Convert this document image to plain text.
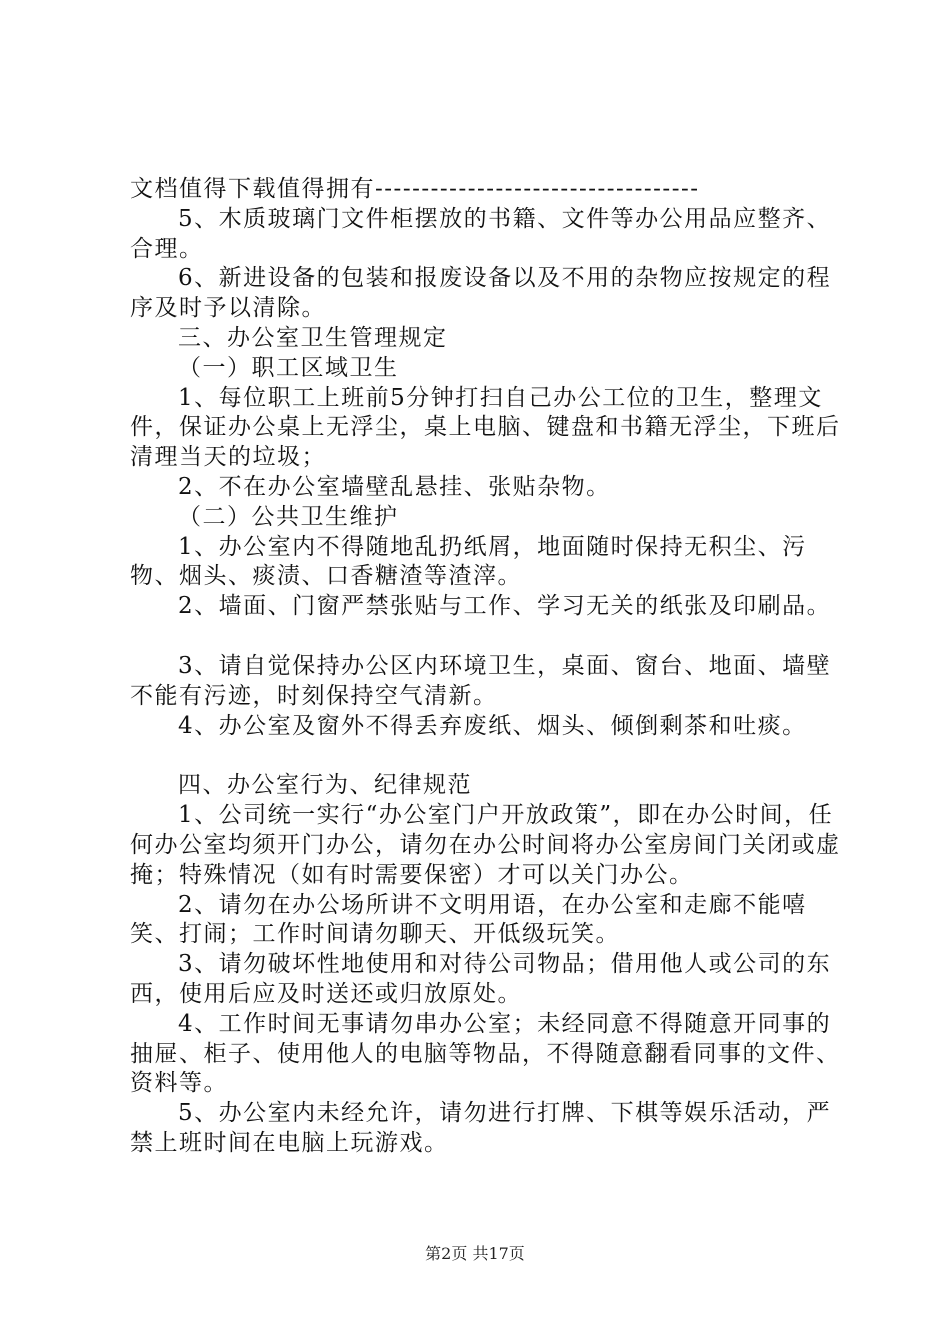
文档值得下载值得拥有-----------------------------------

5、木质玻璃门文件柜摆放的书籍、文件等办公用品应整齐、合理。

6、新进设备的包装和报废设备以及不用的杂物应按规定的程序及时予以清除。

三、办公室卫生管理规定

（一）职工区域卫生

1、每位职工上班前5分钟打扫自己办公工位的卫生，整理文件，保证办公桌上无浮尘，桌上电脑、键盘和书籍无浮尘，下班后清理当天的垃圾；

2、不在办公室墙壁乱悬挂、张贴杂物。

（二）公共卫生维护

1、办公室内不得随地乱扔纸屑，地面随时保持无积尘、污物、烟头、痰渍、口香糖渣等渣滓。

2、墙面、门窗严禁张贴与工作、学习无关的纸张及印刷品。

3、请自觉保持办公区内环境卫生，桌面、窗台、地面、墙壁不能有污迹，时刻保持空气清新。

4、办公室及窗外不得丢弃废纸、烟头、倾倒剩茶和吐痰。

四、办公室行为、纪律规范

1、公司统一实行“办公室门户开放政策”，即在办公时间，任何办公室均须开门办公，请勿在办公时间将办公室房间门关闭或虚掩；特殊情况（如有时需要保密）才可以关门办公。

2、请勿在办公场所讲不文明用语，在办公室和走廊不能嘻笑、打闹；工作时间请勿聊天、开低级玩笑。

3、请勿破坏性地使用和对待公司物品；借用他人或公司的东西，使用后应及时送还或归放原处。

4、工作时间无事请勿串办公室；未经同意不得随意开同事的抽屉、柜子、使用他人的电脑等物品，不得随意翻看同事的文件、资料等。

5、办公室内未经允许，请勿进行打牌、下棋等娱乐活动，严禁上班时间在电脑上玩游戏。

第2页 共17页
